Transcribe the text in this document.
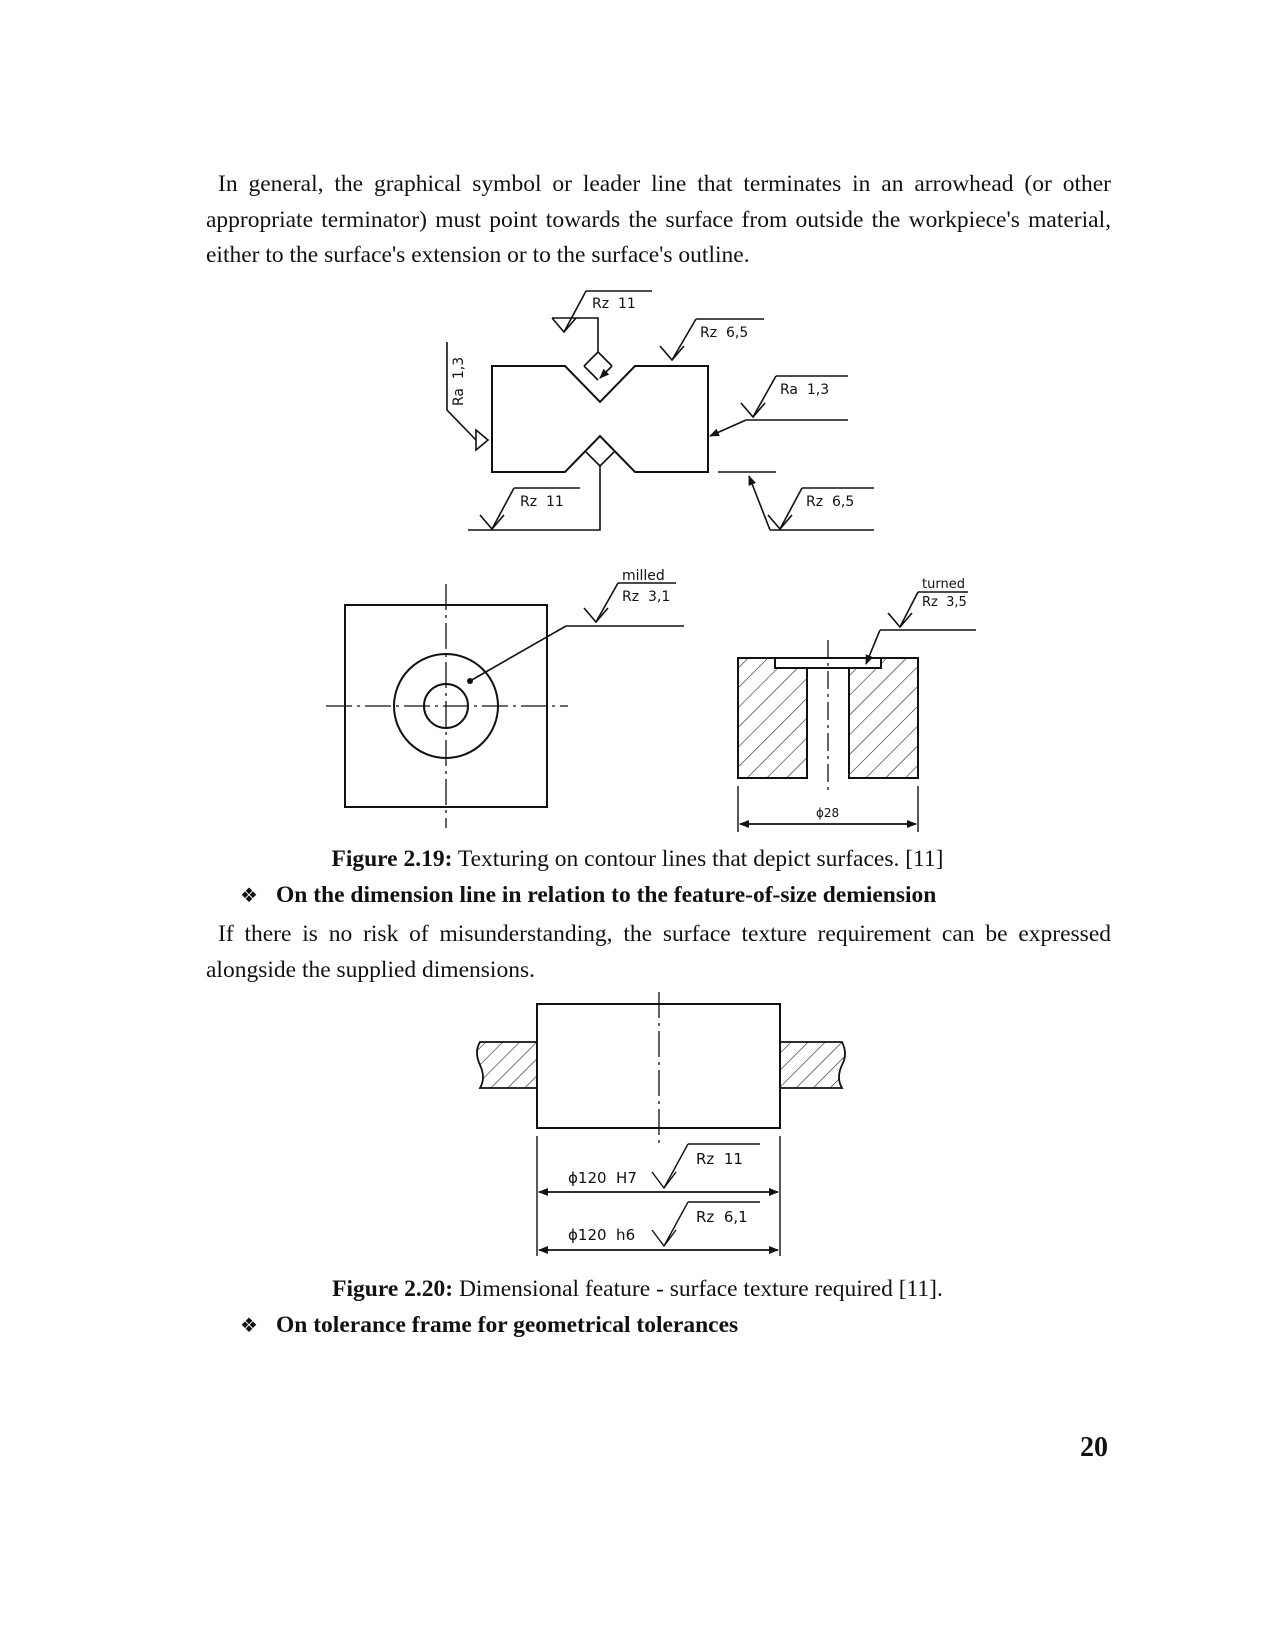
In general, the graphical symbol or leader line that terminates in an arrowhead (or other appropriate terminator) must point towards the surface from outside the workpiece's material, either to the surface's extension or to the surface's outline.
Rz  11
Rz  6,5
Ra  1,3	Ra  1,3
Rz  11	Rz  6,5
milled
Rz  3,1
turned
Rz  3,5
ϕ28
Figure 2.19: Texturing on contour lines that depict surfaces. [11]
❖ On the dimension line in relation to the feature-of-size demiension
If there is no risk of misunderstanding, the surface texture requirement can be expressed alongside the supplied dimensions.
ϕ120  H7
Rz  11
ϕ120  h6
Rz  6,1
Figure 2.20: Dimensional feature - surface texture required [11].
❖ On tolerance frame for geometrical tolerances
20
